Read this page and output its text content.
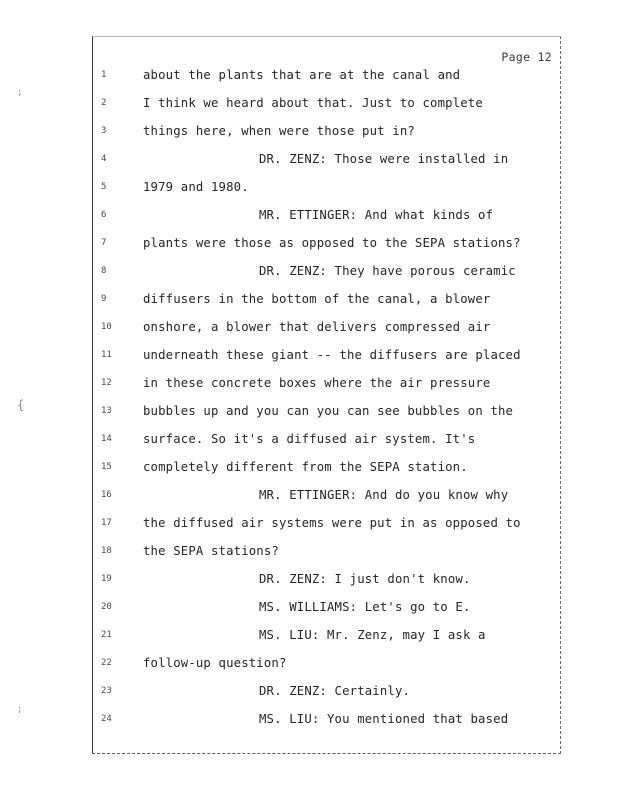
;
{
;
Page 12
1	about the plants that are at the canal and
2	I think we heard about that. Just to complete
3	things here, when were those put in?
4	DR. ZENZ: Those were installed in
5	1979 and 1980.
6	MR. ETTINGER: And what kinds of
7	plants were those as opposed to the SEPA stations?
8	DR. ZENZ: They have porous ceramic
9	diffusers in the bottom of the canal, a blower
10	onshore, a blower that delivers compressed air
11	underneath these giant -- the diffusers are placed
12	in these concrete boxes where the air pressure
13	bubbles up and you can you can see bubbles on the
14	surface. So it's a diffused air system. It's
15	completely different from the SEPA station.
16	MR. ETTINGER: And do you know why
17	the diffused air systems were put in as opposed to
18	the SEPA stations?
19	DR. ZENZ: I just don't know.
20	MS. WILLIAMS: Let's go to E.
21	MS. LIU: Mr. Zenz, may I ask a
22	follow-up question?
23	DR. ZENZ: Certainly.
24	MS. LIU: You mentioned that based
